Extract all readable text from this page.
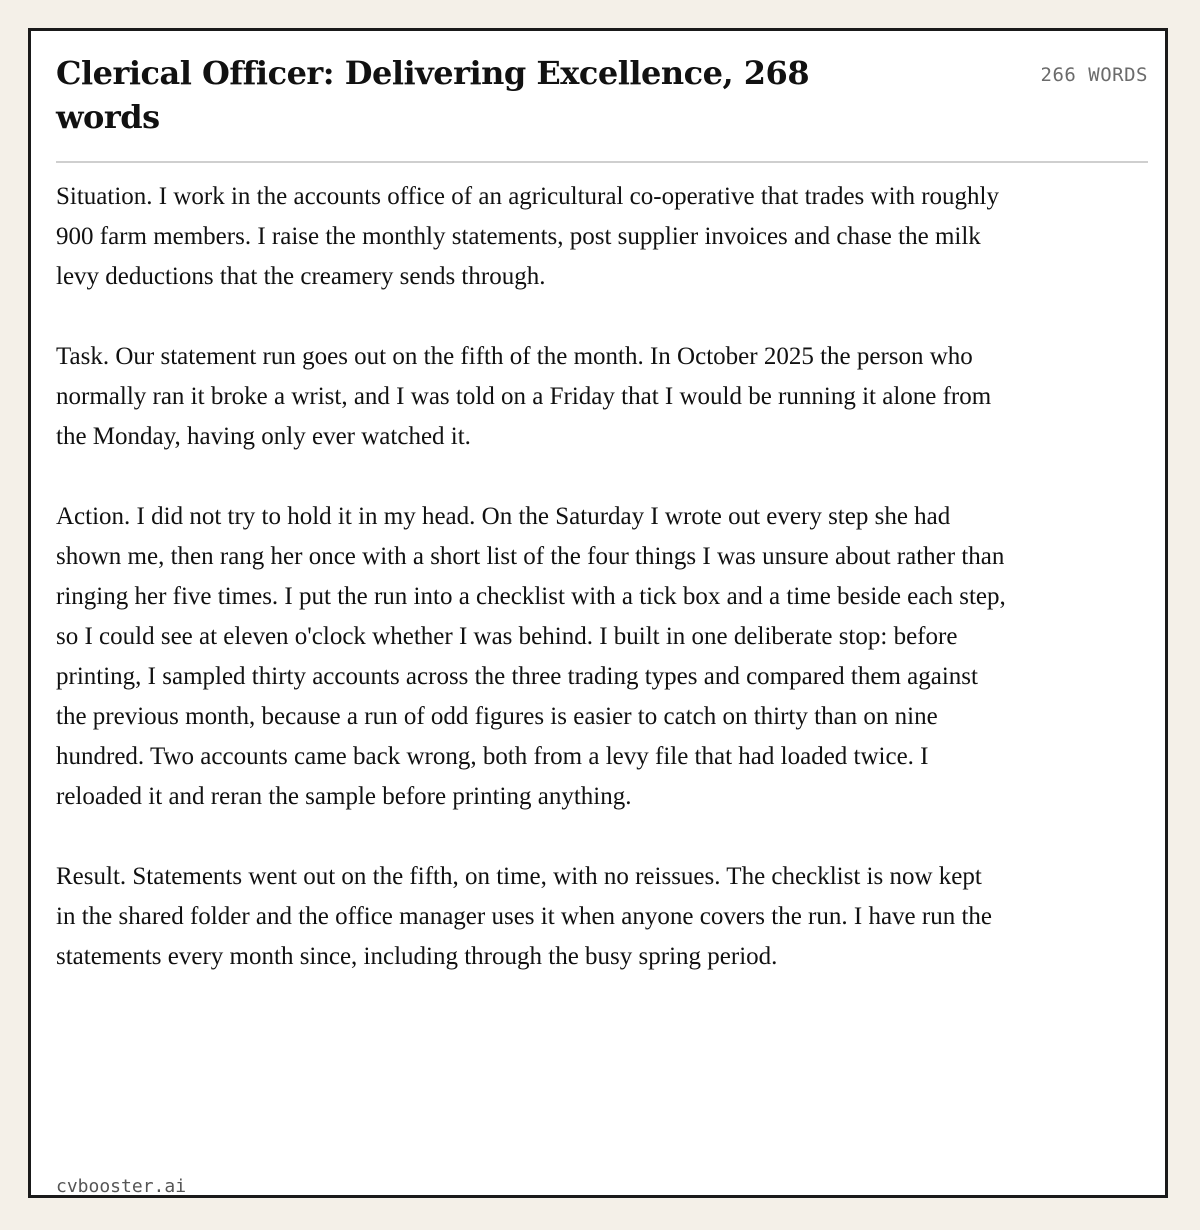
Clerical Officer: Delivering Excellence, 268 words
266 WORDS

Situation. I work in the accounts office of an agricultural co-operative that trades with roughly 900 farm members. I raise the monthly statements, post supplier invoices and chase the milk levy deductions that the creamery sends through.

Task. Our statement run goes out on the fifth of the month. In October 2025 the person who normally ran it broke a wrist, and I was told on a Friday that I would be running it alone from the Monday, having only ever watched it.

Action. I did not try to hold it in my head. On the Saturday I wrote out every step she had shown me, then rang her once with a short list of the four things I was unsure about rather than ringing her five times. I put the run into a checklist with a tick box and a time beside each step, so I could see at eleven o'clock whether I was behind. I built in one deliberate stop: before printing, I sampled thirty accounts across the three trading types and compared them against the previous month, because a run of odd figures is easier to catch on thirty than on nine hundred. Two accounts came back wrong, both from a levy file that had loaded twice. I reloaded it and reran the sample before printing anything.

Result. Statements went out on the fifth, on time, with no reissues. The checklist is now kept in the shared folder and the office manager uses it when anyone covers the run. I have run the statements every month since, including through the busy spring period.

cvbooster.ai
